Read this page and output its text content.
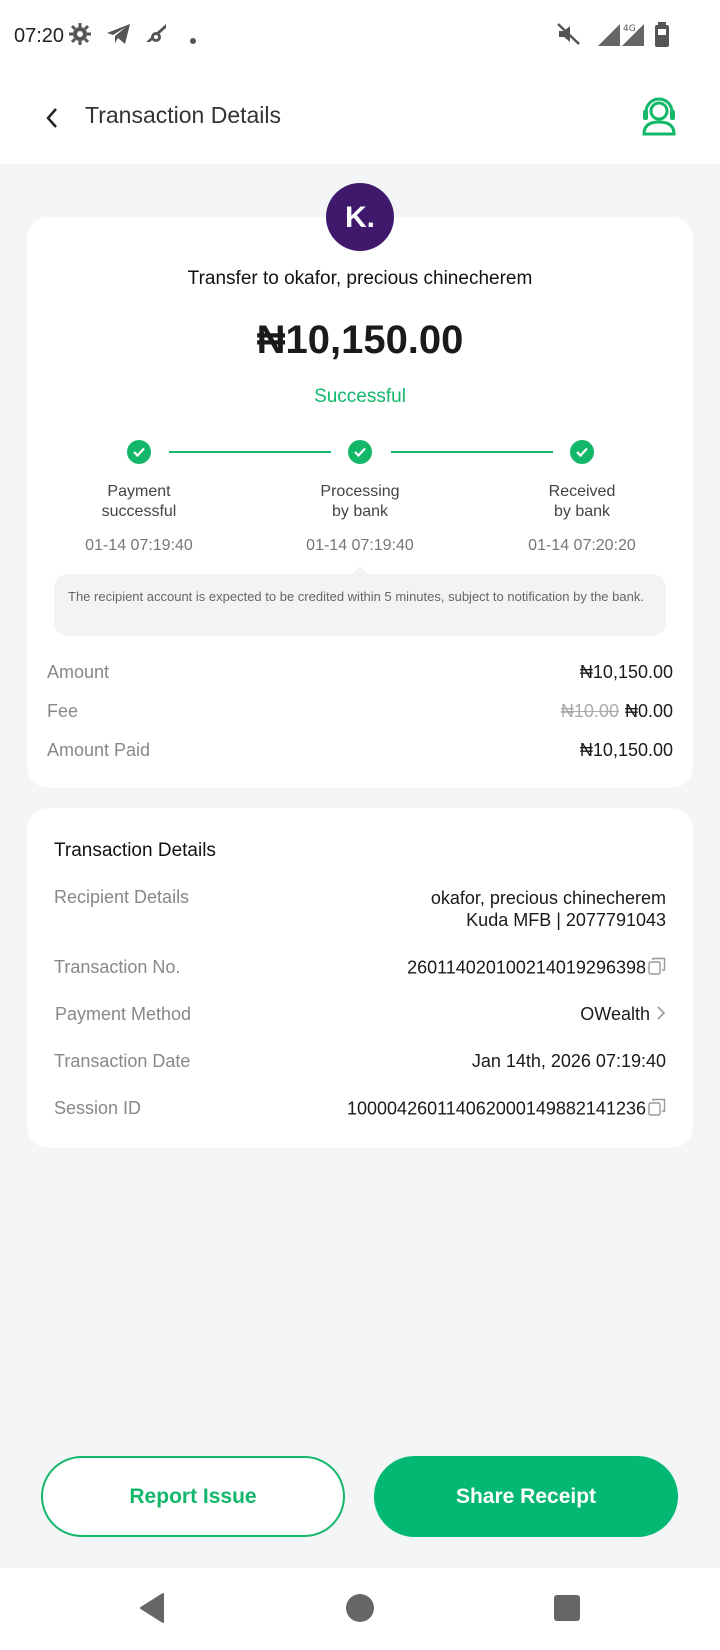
07:20	4G
Transaction Details
K.
Transfer to okafor, precious chinecherem
₦10,150.00
Successful
Payment
successful
Processing
by bank
Received
by bank
01-14 07:19:40	01-14 07:19:40	01-14 07:20:20
The recipient account is expected to be credited within 5 minutes, subject to notification by the bank.
Amount	₦10,150.00
Fee	₦10.00 ₦0.00
Amount Paid	₦10,150.00
Transaction Details
Recipient Details	okafor, precious chinecherem
Kuda MFB | 2077791043
Transaction No.	260114020100214019296398
Payment Method	OWealth
Transaction Date	Jan 14th, 2026 07:19:40
Session ID	100004260114062000149882141236
Report Issue	Share Receipt
